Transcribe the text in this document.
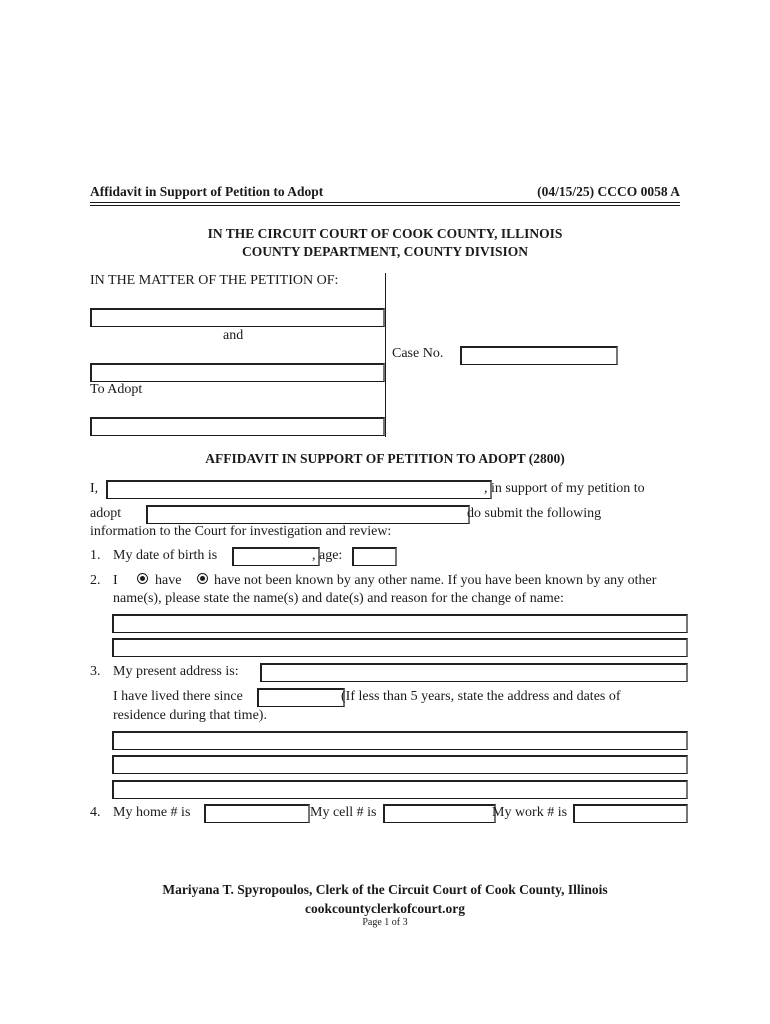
Affidavit in Support of Petition to Adopt	(04/15/25) CCCO 0058 A
IN THE CIRCUIT COURT OF COOK COUNTY, ILLINOIS
COUNTY DEPARTMENT, COUNTY DIVISION
IN THE MATTER OF THE PETITION OF:
and
To Adopt
Case No.
AFFIDAVIT IN SUPPORT OF PETITION TO ADOPT (2800)
I,	, in support of my petition to
adopt	do submit the following
information to the Court for investigation and review:
1. My date of birth is	, age:
2. I	have have not been known by any other name. If you have been known by any other
name(s), please state the name(s) and date(s) and reason for the change of name:
3. My present address is:
I have lived there since	(If less than 5 years, state the address and dates of
residence during that time).
4. My home # is	My cell # is	My work # is
Mariyana T. Spyropoulos, Clerk of the Circuit Court of Cook County, Illinois
cookcountyclerkofcourt.org
Page 1 of 3
